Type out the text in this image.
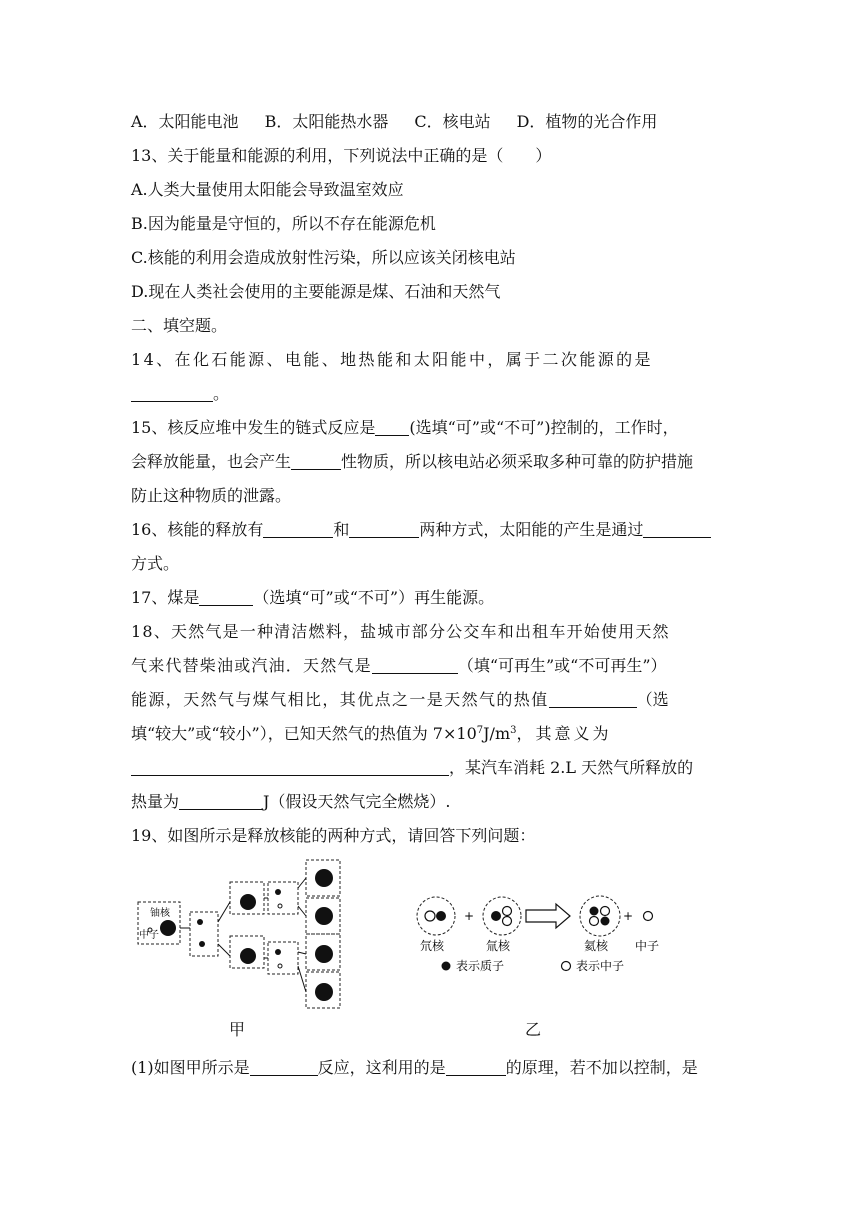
A．太阳能电池 B．太阳能热水器 C．核电站 D．植物的光合作用
13、关于能量和能源的利用，下列说法中正确的是（　　）
A.人类大量使用太阳能会导致温室效应
B.因为能量是守恒的，所以不存在能源危机
C.核能的利用会造成放射性污染，所以应该关闭核电站
D.现在人类社会使用的主要能源是煤、石油和天然气
二、填空题。
14、在化石能源、电能、地热能和太阳能中，属于二次能源的是
。
15、核反应堆中发生的链式反应是 (选填“可”或“不可”)控制的，工作时，
会释放能量，也会产生	性物质，所以核电站必须采取多种可靠的防护措施
防止这种物质的泄露。
16、核能的释放有	和	两种方式，太阳能的产生是通过
方式。
17、煤是	（选填“可”或“不可”）再生能源。
18、天然气是一种清洁燃料，盐城市部分公交车和出租车开始使用天然
气来代替柴油或汽油．天然气是	（填“可再生”或“不可再生”）
能源，天然气与煤气相比，其优点之一是天然气的热值	（选
填“较大”或“较小”），已知天然气的热值为 $7\times 10^7J/m^3$，其意义为
，某汽车消耗 2.L 天然气所释放的
热量为	J（假设天然气完全燃烧）.
19、如图所示是释放核能的两种方式，请回答下列问题：
铀核
中子
甲
+	+
氘核	氚核	氦核 中子
表示质子	表示中子
乙
(1)如图甲所示是	反应，这利用的是	的原理，若不加以控制，是
